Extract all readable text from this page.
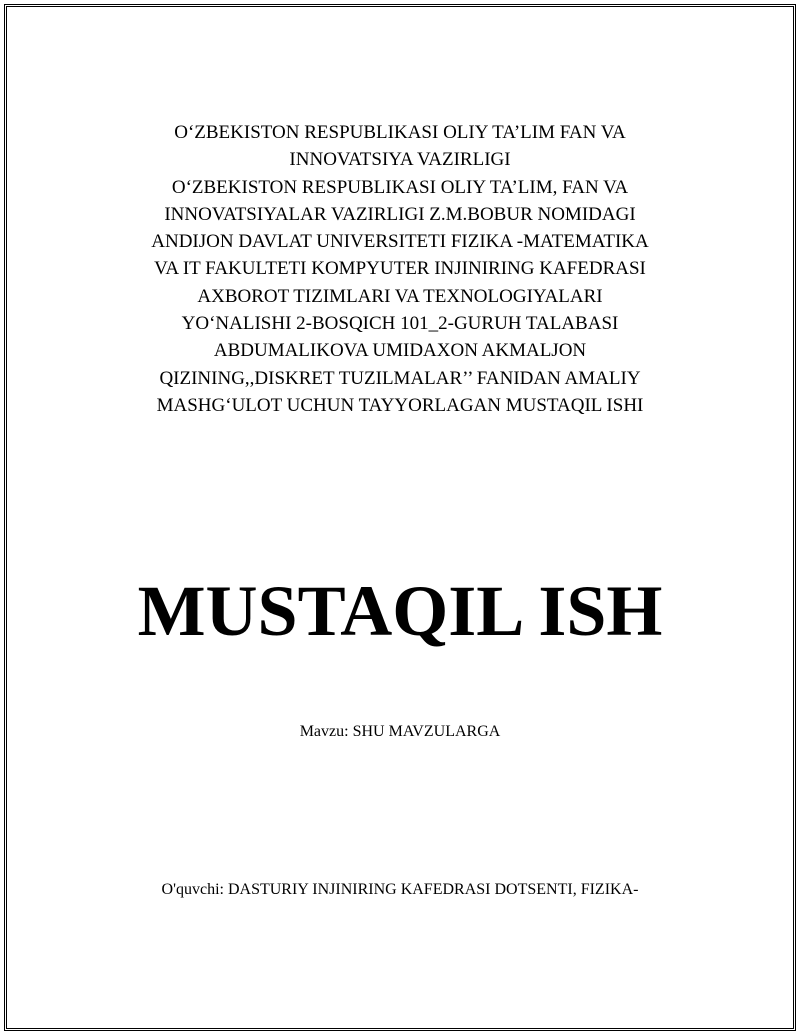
O‘ZBEKISTON RESPUBLIKASI OLIY TA’LIM FAN VA
INNOVATSIYA VAZIRLIGI
O‘ZBEKISTON RESPUBLIKASI OLIY TA’LIM, FAN VA
INNOVATSIYALAR VAZIRLIGI Z.M.BOBUR NOMIDAGI
ANDIJON DAVLAT UNIVERSITETI FIZIKA -MATEMATIKA
VA IT FAKULTETI KOMPYUTER INJINIRING KAFEDRASI
AXBOROT TIZIMLARI VA TEXNOLOGIYALARI
YO‘NALISHI 2-BOSQICH 101_2-GURUH TALABASI
ABDUMALIKOVA UMIDAXON AKMALJON
QIZINING,,DISKRET TUZILMALAR’’ FANIDAN AMALIY
MASHG‘ULOT UCHUN TAYYORLAGAN MUSTAQIL ISHI
MUSTAQIL ISH
Mavzu: SHU MAVZULARGA
O'quvchi: DASTURIY INJINIRING KAFEDRASI DOTSENTI, FIZIKA-
